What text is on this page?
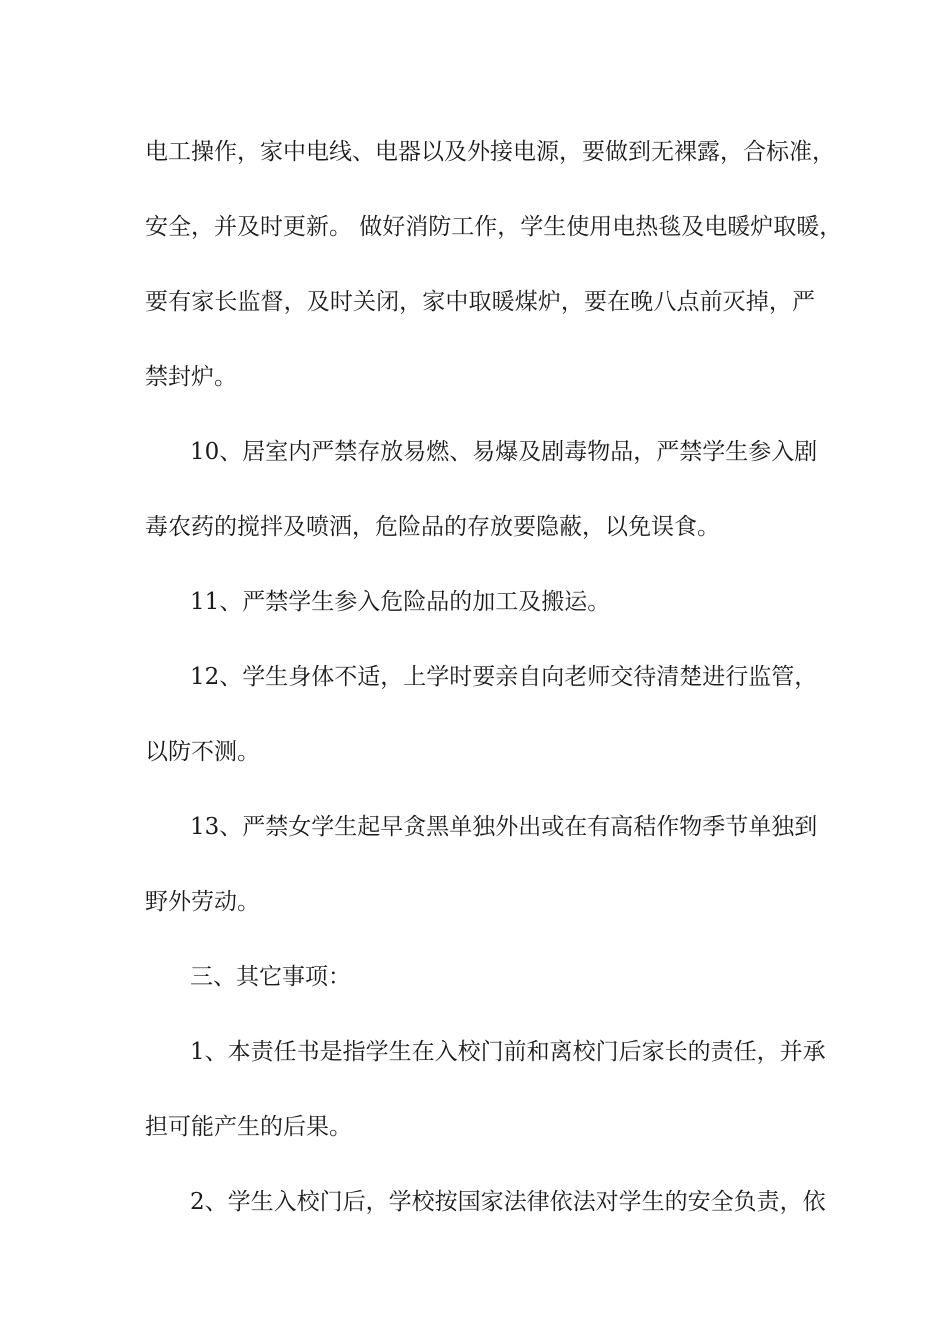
电工操作，家中电线、电器以及外接电源，要做到无裸露，合标准，
安全，并及时更新。 做好消防工作，学生使用电热毯及电暖炉取暖，
要有家长监督，及时关闭，家中取暖煤炉，要在晚八点前灭掉，严
禁封炉。
10、居室内严禁存放易燃、易爆及剧毒物品，严禁学生参入剧
毒农药的搅拌及喷洒，危险品的存放要隐蔽，以免误食。
11、严禁学生参入危险品的加工及搬运。
12、学生身体不适，上学时要亲自向老师交待清楚进行监管，
以防不测。
13、严禁女学生起早贪黑单独外出或在有高秸作物季节单独到
野外劳动。
三、其它事项：
1、本责任书是指学生在入校门前和离校门后家长的责任，并承
担可能产生的后果。
2、学生入校门后，学校按国家法律依法对学生的安全负责，依
